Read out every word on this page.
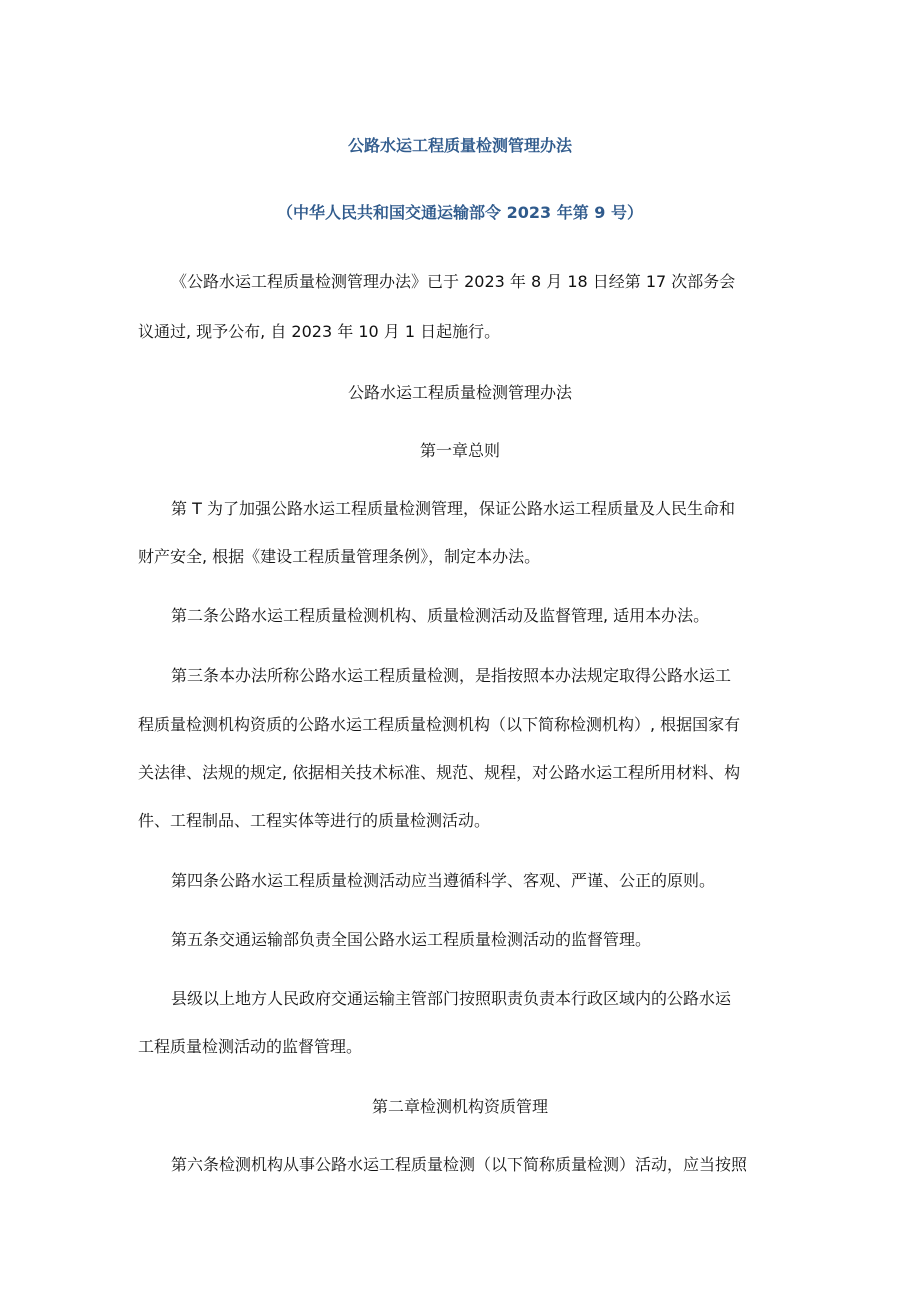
公路水运工程质量检测管理办法
（中华人民共和国交通运输部令 2023 年第 9 号）
《公路水运工程质量检测管理办法》已于 2023 年 8 月 18 日经第 17 次部务会
议通过, 现予公布, 自 2023 年 10 月 1 日起施行。
公路水运工程质量检测管理办法
第一章总则
第 T 为了加强公路水运工程质量检测管理，保证公路水运工程质量及人民生命和
财产安全, 根据《建设工程质量管理条例》，制定本办法。
第二条公路水运工程质量检测机构、质量检测活动及监督管理, 适用本办法。
第三条本办法所称公路水运工程质量检测，是指按照本办法规定取得公路水运工
程质量检测机构资质的公路水运工程质量检测机构（以下简称检测机构）, 根据国家有
关法律、法规的规定, 依据相关技术标准、规范、规程，对公路水运工程所用材料、构
件、工程制品、工程实体等进行的质量检测活动。
第四条公路水运工程质量检测活动应当遵循科学、客观、严谨、公正的原则。
第五条交通运输部负责全国公路水运工程质量检测活动的监督管理。
县级以上地方人民政府交通运输主管部门按照职责负责本行政区域内的公路水运
工程质量检测活动的监督管理。
第二章检测机构资质管理
第六条检测机构从事公路水运工程质量检测（以下简称质量检测）活动，应当按照
